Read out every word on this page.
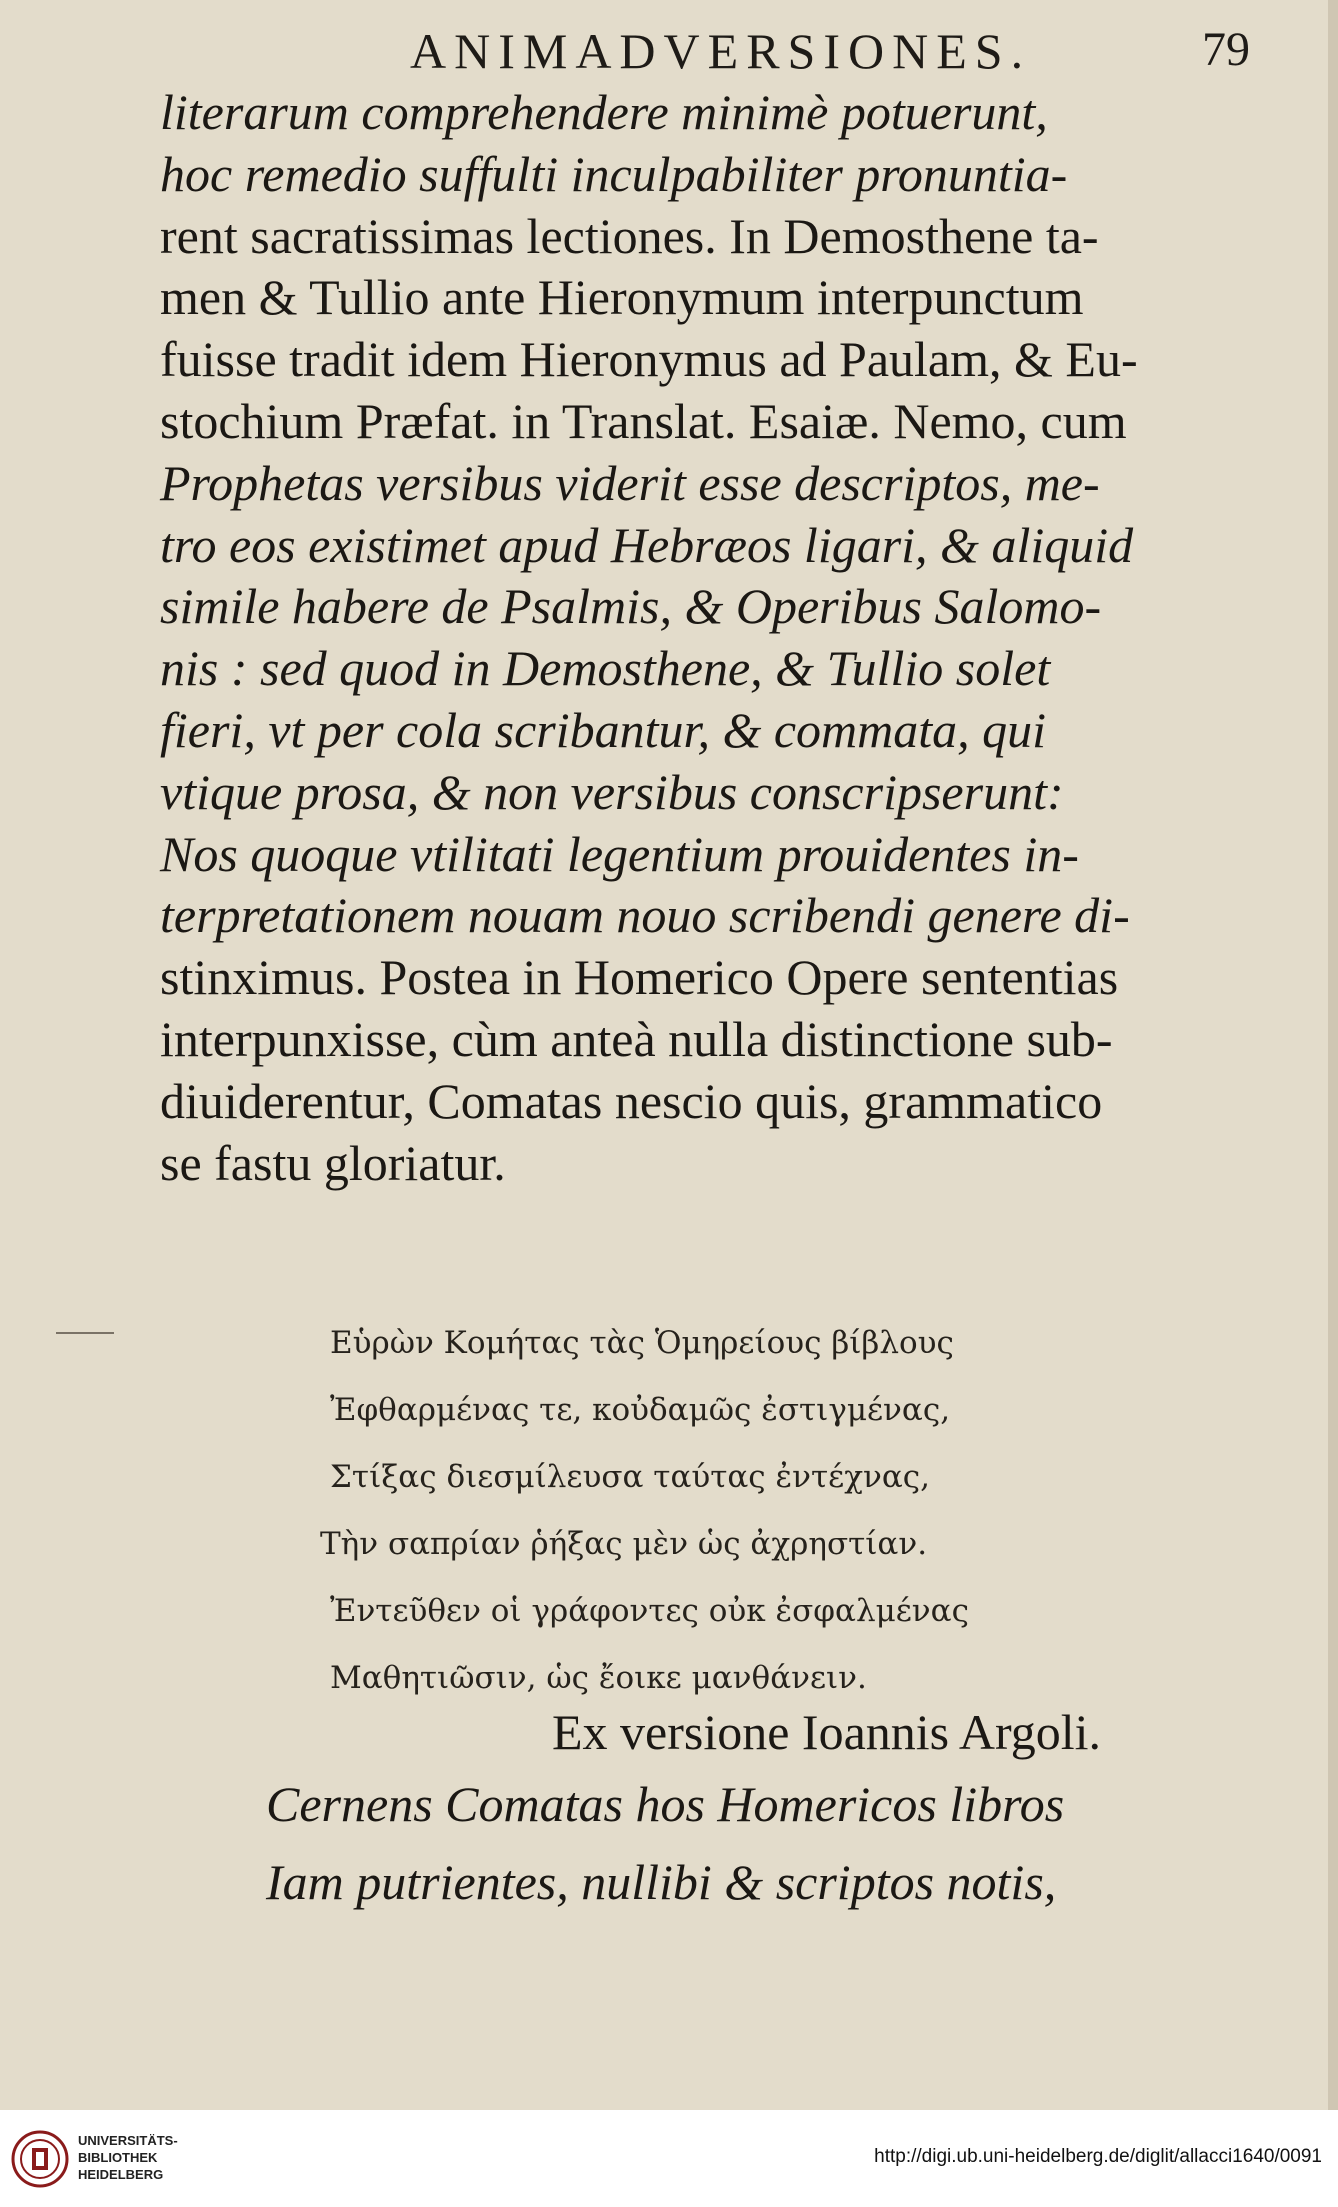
ANIMADVERSIONES.	79

literarum comprehendere minimè potuerunt,
hoc remedio suffulti inculpabiliter pronuntia-
rent sacratissimas lectiones. In Demosthene ta-
men & Tullio ante Hieronymum interpunctum
fuisse tradit idem Hieronymus ad Paulam, & Eu-
stochium Præfat. in Translat. Esaiæ. Nemo, cum
Prophetas versibus viderit esse descriptos, me-
tro eos existimet apud Hebræos ligari, & aliquid
simile habere de Psalmis, & Operibus Salomo-
nis : sed quod in Demosthene, & Tullio solet
fieri, vt per cola scribantur, & commata, qui
vtique prosa, & non versibus conscripserunt:
Nos quoque vtilitati legentium prouidentes in-
terpretationem nouam nouo scribendi genere di-
stinximus. Postea in Homerico Opere sententias
interpunxisse, cùm anteà nulla distinctione sub-
diuiderentur, Comatas nescio quis, grammatico
se fastu gloriatur.
Εὑρὼν Κομήτας τὰς Ὁμηρείους βίβλους
Ἐφθαρμένας τε, κοὐδαμῶς ἐστιγμένας,
Στίξας διεσμίλευσα ταύτας ἐντέχνας,
Τὴν σαπρίαν ῥήξας μὲν ὡς ἀχρηστίαν.
Ἐντεῦθεν οἱ γράφοντες οὐκ ἐσφαλμένας
Μαθητιῶσιν, ὡς ἔοικε μανθάνειν.
Ex versione Ioannis Argoli.
Cernens Comatas hos Homericos libros
Iam putrientes, nullibi & scriptos notis,

UNIVERSITÄTS-
BIBLIOTHEK
HEIDELBERG

http://digi.ub.uni-heidelberg.de/diglit/allacci1640/0091
